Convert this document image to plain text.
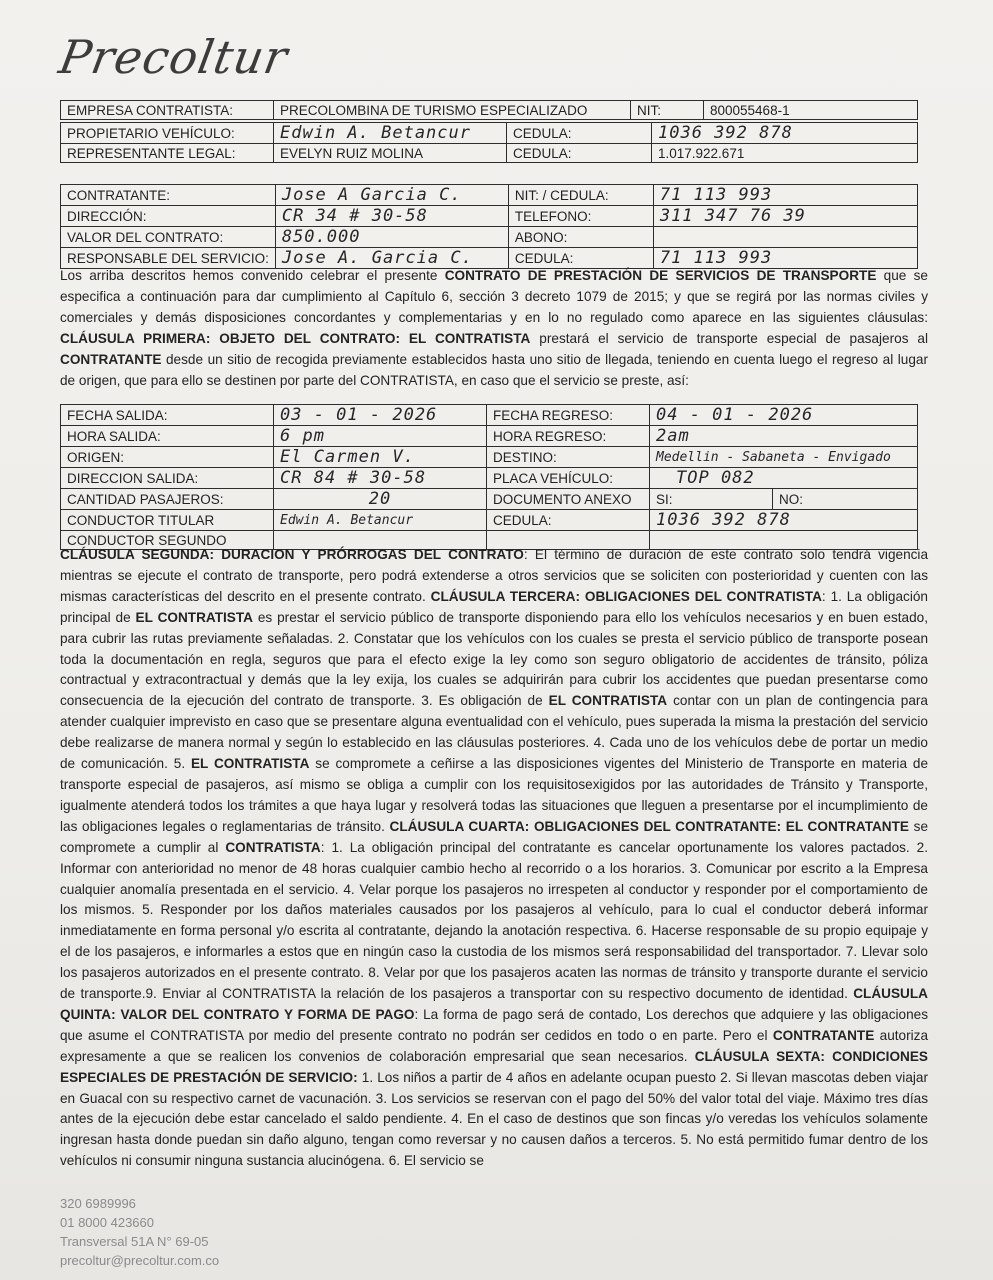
Precoltur
EMPRESA CONTRATISTA:	PRECOLOMBINA DE TURISMO ESPECIALIZADO	NIT:	800055468-1
PROPIETARIO VEHÍCULO:	Edwin A. Betancur	CEDULA:	1036 392 878
REPRESENTANTE LEGAL:	EVELYN RUIZ MOLINA	CEDULA:	1.017.922.671
CONTRATANTE:	Jose A Garcia C.	NIT: / CEDULA:	71 113 993
DIRECCIÓN:	CR 34 # 30-58	TELEFONO:	311 347 76 39
VALOR DEL CONTRATO:	850.000	ABONO:	
RESPONSABLE DEL SERVICIO:	Jose A. Garcia C.	CEDULA:	71 113 993
Los arriba descritos hemos convenido celebrar el presente CONTRATO DE PRESTACIÓN DE SERVICIOS DE TRANSPORTE que se especifica a continuación para dar cumplimiento al Capítulo 6, sección 3 decreto 1079 de 2015; y que se regirá por las normas civiles y comerciales y demás disposiciones concordantes y complementarias y en lo no regulado como aparece en las siguientes cláusulas: CLÁUSULA PRIMERA: OBJETO DEL CONTRATO: EL CONTRATISTA prestará el servicio de transporte especial de pasajeros al CONTRATANTE desde un sitio de recogida previamente establecidos hasta uno sitio de llegada, teniendo en cuenta luego el regreso al lugar de origen, que para ello se destinen por parte del CONTRATISTA, en caso que el servicio se preste, así:
FECHA SALIDA:	03 - 01 - 2026	FECHA REGRESO:	04 - 01 - 2026	
HORA SALIDA:	6 pm	HORA REGRESO:	2am	
ORIGEN:	El Carmen V.	DESTINO:	Medellin - Sabaneta - Envigado	
DIRECCION SALIDA:	CR 84 # 30-58	PLACA VEHÍCULO:	TOP 082	
CANTIDAD PASAJEROS:	20	DOCUMENTO ANEXO	SI:	NO:
CONDUCTOR TITULAR	Edwin A. Betancur	CEDULA:	1036 392 878	
CONDUCTOR SEGUNDO				
CLÁUSULA SEGUNDA: DURACION Y PRÓRROGAS DEL CONTRATO: El término de duración de este contrato solo tendrá vigencia mientras se ejecute el contrato de transporte, pero podrá extenderse a otros servicios que se soliciten con posterioridad y cuenten con las mismas características del descrito en el presente contrato. CLÁUSULA TERCERA: OBLIGACIONES DEL CONTRATISTA: 1. La obligación principal de EL CONTRATISTA es prestar el servicio público de transporte disponiendo para ello los vehículos necesarios y en buen estado, para cubrir las rutas previamente señaladas. 2. Constatar que los vehículos con los cuales se presta el servicio público de transporte posean toda la documentación en regla, seguros que para el efecto exige la ley como son seguro obligatorio de accidentes de tránsito, póliza contractual y extracontractual y demás que la ley exija, los cuales se adquirirán para cubrir los accidentes que puedan presentarse como consecuencia de la ejecución del contrato de transporte. 3. Es obligación de EL CONTRATISTA contar con un plan de contingencia para atender cualquier imprevisto en caso que se presentare alguna eventualidad con el vehículo, pues superada la misma la prestación del servicio debe realizarse de manera normal y según lo establecido en las cláusulas posteriores. 4. Cada uno de los vehículos debe de portar un medio de comunicación. 5. EL CONTRATISTA se compromete a ceñirse a las disposiciones vigentes del Ministerio de Transporte en materia de transporte especial de pasajeros, así mismo se obliga a cumplir con los requisitosexigidos por las autoridades de Tránsito y Transporte, igualmente atenderá todos los trámites a que haya lugar y resolverá todas las situaciones que lleguen a presentarse por el incumplimiento de las obligaciones legales o reglamentarias de tránsito. CLÁUSULA CUARTA: OBLIGACIONES DEL CONTRATANTE: EL CONTRATANTE se compromete a cumplir al CONTRATISTA: 1. La obligación principal del contratante es cancelar oportunamente los valores pactados. 2. Informar con anterioridad no menor de 48 horas cualquier cambio hecho al recorrido o a los horarios. 3. Comunicar por escrito a la Empresa cualquier anomalía presentada en el servicio. 4. Velar porque los pasajeros no irrespeten al conductor y responder por el comportamiento de los mismos. 5. Responder por los daños materiales causados por los pasajeros al vehículo, para lo cual el conductor deberá informar inmediatamente en forma personal y/o escrita al contratante, dejando la anotación respectiva. 6. Hacerse responsable de su propio equipaje y el de los pasajeros, e informarles a estos que en ningún caso la custodia de los mismos será responsabilidad del transportador. 7. Llevar solo los pasajeros autorizados en el presente contrato. 8. Velar por que los pasajeros acaten las normas de tránsito y transporte durante el servicio de transporte.9. Enviar al CONTRATISTA la relación de los pasajeros a transportar con su respectivo documento de identidad. CLÁUSULA QUINTA: VALOR DEL CONTRATO Y FORMA DE PAGO: La forma de pago será de contado, Los derechos que adquiere y las obligaciones que asume el CONTRATISTA por medio del presente contrato no podrán ser cedidos en todo o en parte. Pero el CONTRATANTE autoriza expresamente a que se realicen los convenios de colaboración empresarial que sean necesarios. CLÁUSULA SEXTA: CONDICIONES ESPECIALES DE PRESTACIÓN DE SERVICIO: 1. Los niños a partir de 4 años en adelante ocupan puesto 2. Si llevan mascotas deben viajar en Guacal con su respectivo carnet de vacunación. 3. Los servicios se reservan con el pago del 50% del valor total del viaje. Máximo tres días antes de la ejecución debe estar cancelado el saldo pendiente. 4. En el caso de destinos que son fincas y/o veredas los vehículos solamente ingresan hasta donde puedan sin daño alguno, tengan como reversar y no causen daños a terceros. 5. No está permitido fumar dentro de los vehículos ni consumir ninguna sustancia alucinógena. 6. El servicio se
320 6989996
01 8000 423660
Transversal 51A N° 69-05
precoltur@precoltur.com.co
